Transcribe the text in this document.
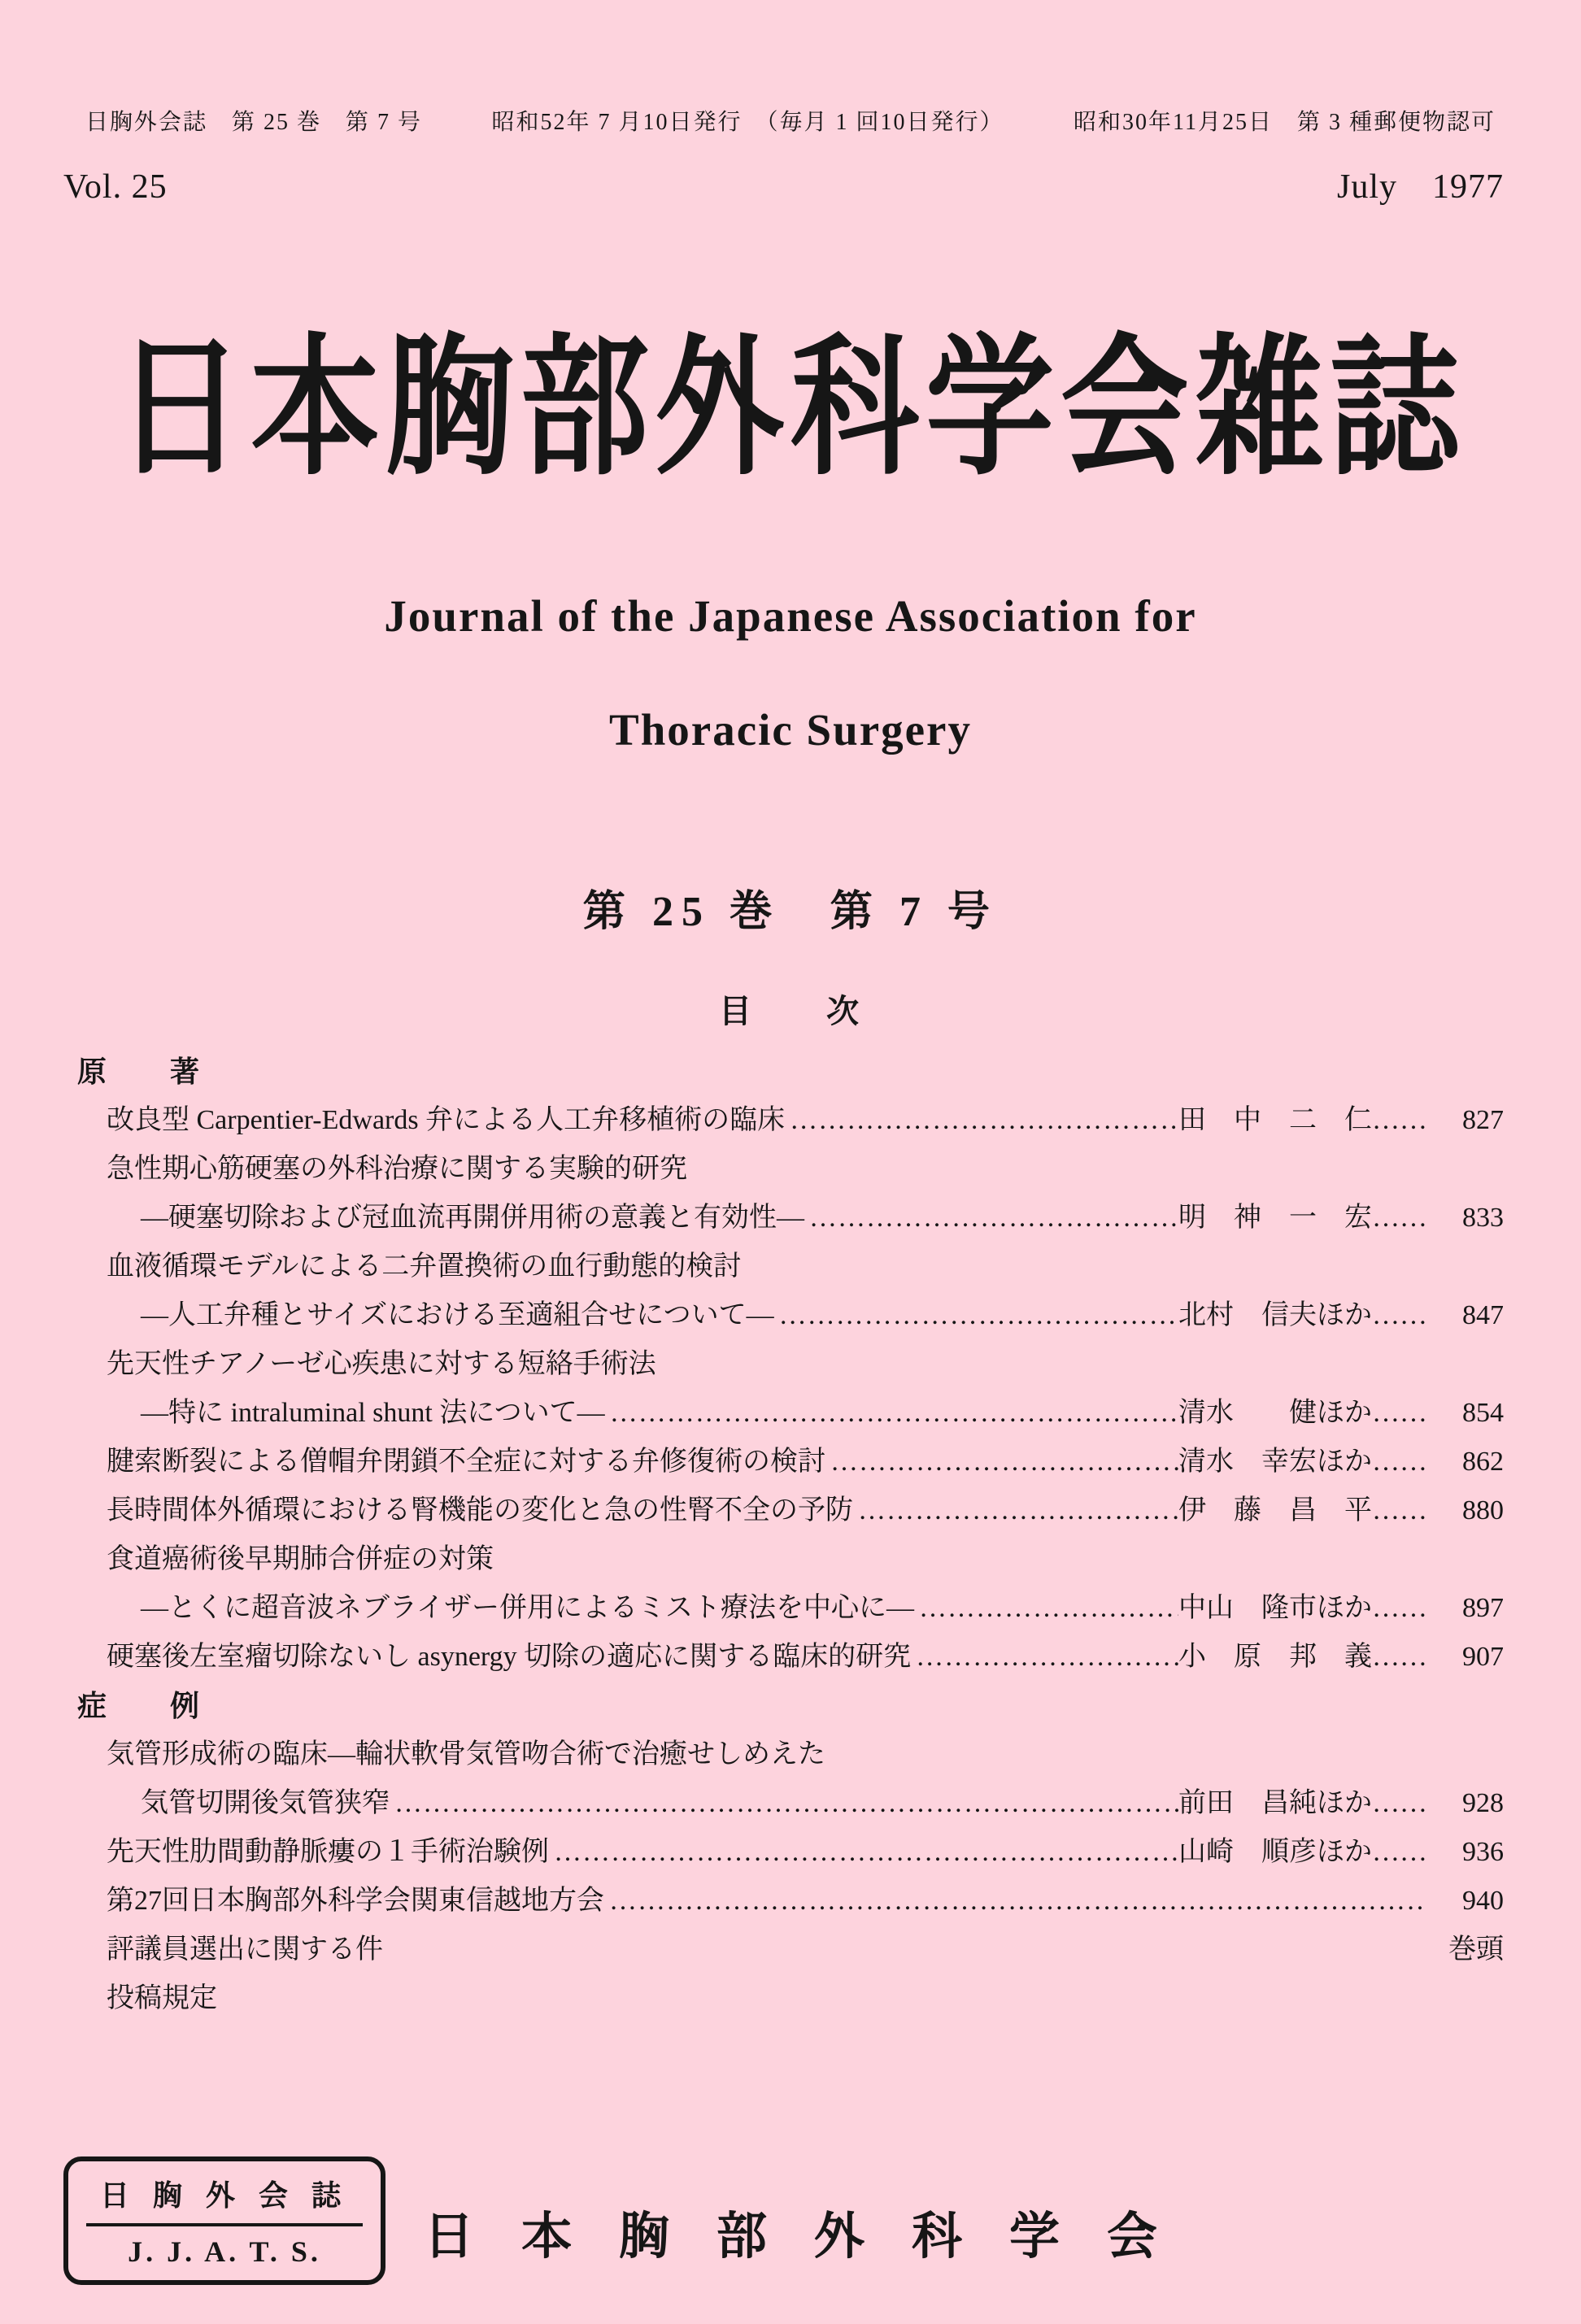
日胸外会誌　第 25 巻　第 7 号	昭和52年 7 月10日発行　（毎月 1 回10日発行）	昭和30年11月25日　第 3 種郵便物認可
Vol. 25	July　1977
日本胸部外科学会雑誌
Journal of the Japanese Association for
Thoracic Surgery
第 25 巻　第 7 号
目　　次
原　　著
改良型 Carpentier-Edwards 弁による人工弁移植術の臨床 ………………………………………………………………………………………………………………………………………………	田　中　二　仁 ……	827
急性期心筋硬塞の外科治療に関する実験的研究
―硬塞切除および冠血流再開併用術の意義と有効性― ………………………………………………………………………………………………………………………………………………	明　神　一　宏 ……	833
血液循環モデルによる二弁置換術の血行動態的検討
―人工弁種とサイズにおける至適組合せについて― ………………………………………………………………………………………………………………………………………………	北村　信夫ほか ……	847
先天性チアノーゼ心疾患に対する短絡手術法
―特に intraluminal shunt 法について― ………………………………………………………………………………………………………………………………………………	清水　　健ほか ……	854
腱索断裂による僧帽弁閉鎖不全症に対する弁修復術の検討 ………………………………………………………………………………………………………………………………………………	清水　幸宏ほか ……	862
長時間体外循環における腎機能の変化と急の性腎不全の予防 ………………………………………………………………………………………………………………………………………………	伊　藤　昌　平 ……	880
食道癌術後早期肺合併症の対策
―とくに超音波ネブライザー併用によるミスト療法を中心に― ………………………………………………………………………………………………………………………………………………	中山　隆市ほか ……	897
硬塞後左室瘤切除ないし asynergy 切除の適応に関する臨床的研究 ………………………………………………………………………………………………………………………………………………	小　原　邦　義 ……	907
症　　例
気管形成術の臨床―輪状軟骨気管吻合術で治癒せしめえた
気管切開後気管狭窄 ………………………………………………………………………………………………………………………………………………	前田　昌純ほか ……	928
先天性肋間動静脈瘻の１手術治験例 ………………………………………………………………………………………………………………………………………………	山崎　順彦ほか ……	936
第27回日本胸部外科学会関東信越地方会 ………………………………………………………………………………………………………………………………………………	940
評議員選出に関する件	巻頭
投稿規定
日 胸 外 会 誌
J. J. A. T. S.	日本胸部外科学会
